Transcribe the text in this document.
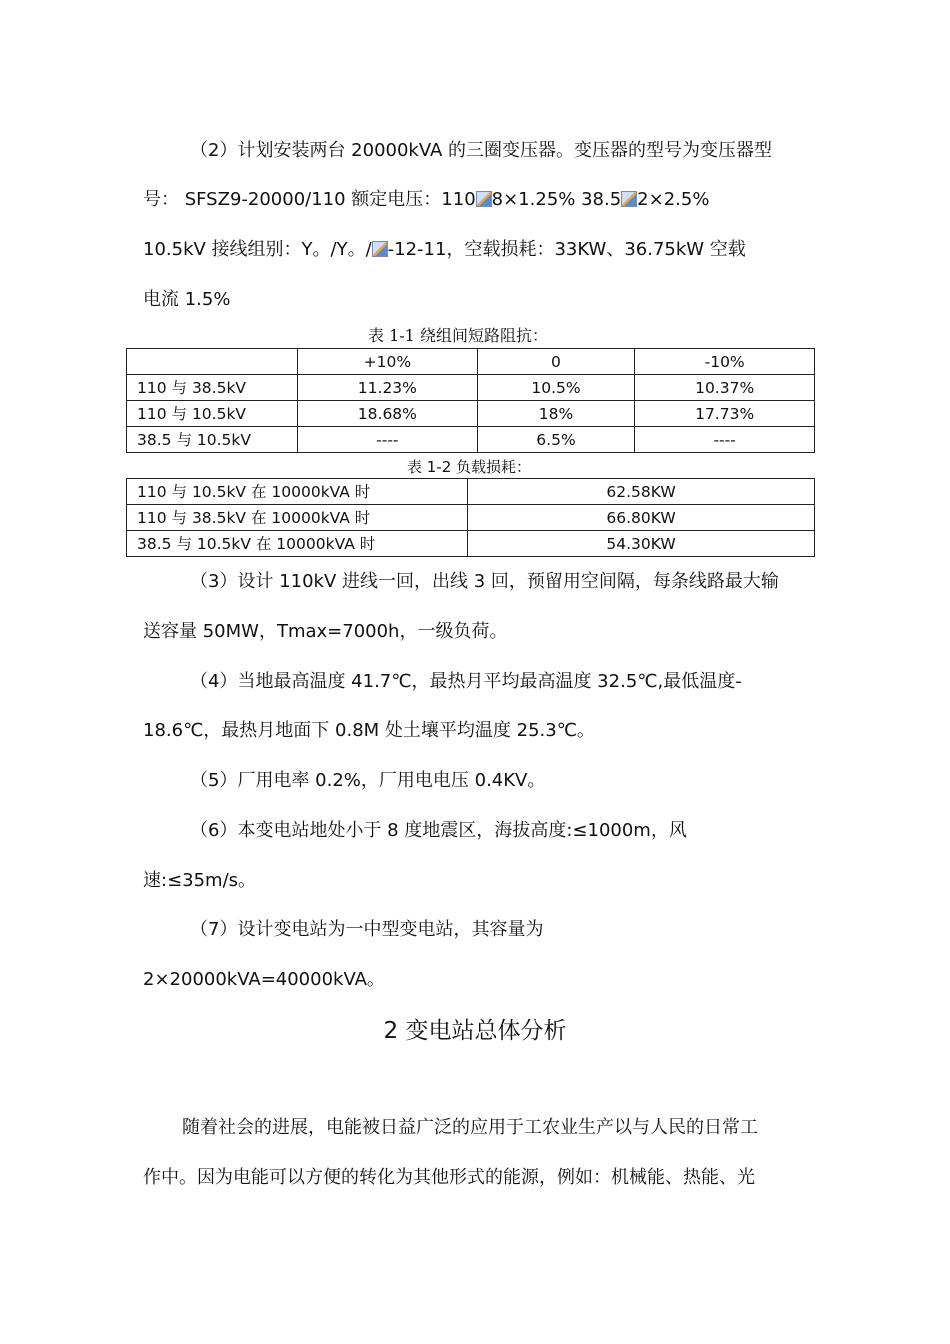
（2）计划安装两台 20000kVA 的三圈变压器。变压器的型号为变压器型
号： SFSZ9-20000/110 额定电压：110 8×1.25% 38.5 2×2.5%
10.5kV 接线组别：Y。/Y。/ -12-11，空载损耗：33KW、36.75kW 空载
电流 1.5%
表 1-1 绕组间短路阻抗：
	+10%	0	-10%
110 与 38.5kV	11.23%	10.5%	10.37%
110 与 10.5kV	18.68%	18%	17.73%
38.5 与 10.5kV	----	6.5%	----
表 1-2 负载损耗：
110 与 10.5kV 在 10000kVA 时	62.58KW
110 与 38.5kV 在 10000kVA 时	66.80KW
38.5 与 10.5kV 在 10000kVA 时	54.30KW
（3）设计 110kV 进线一回，出线 3 回，预留用空间隔，每条线路最大输
送容量 50MW，Tmax=7000h，一级负荷。
（4）当地最高温度 41.7℃，最热月平均最高温度 32.5℃,最低温度-
18.6℃，最热月地面下 0.8M 处土壤平均温度 25.3℃。
（5）厂用电率 0.2%，厂用电电压 0.4KV。
（6）本变电站地处小于 8 度地震区，海拔高度:≤1000m，风
速:≤35m/s。
（7）设计变电站为一中型变电站，其容量为
2×20000kVA=40000kVA。
2 变电站总体分析
随着社会的进展，电能被日益广泛的应用于工农业生产以与人民的日常工
作中。因为电能可以方便的转化为其他形式的能源，例如：机械能、热能、光
